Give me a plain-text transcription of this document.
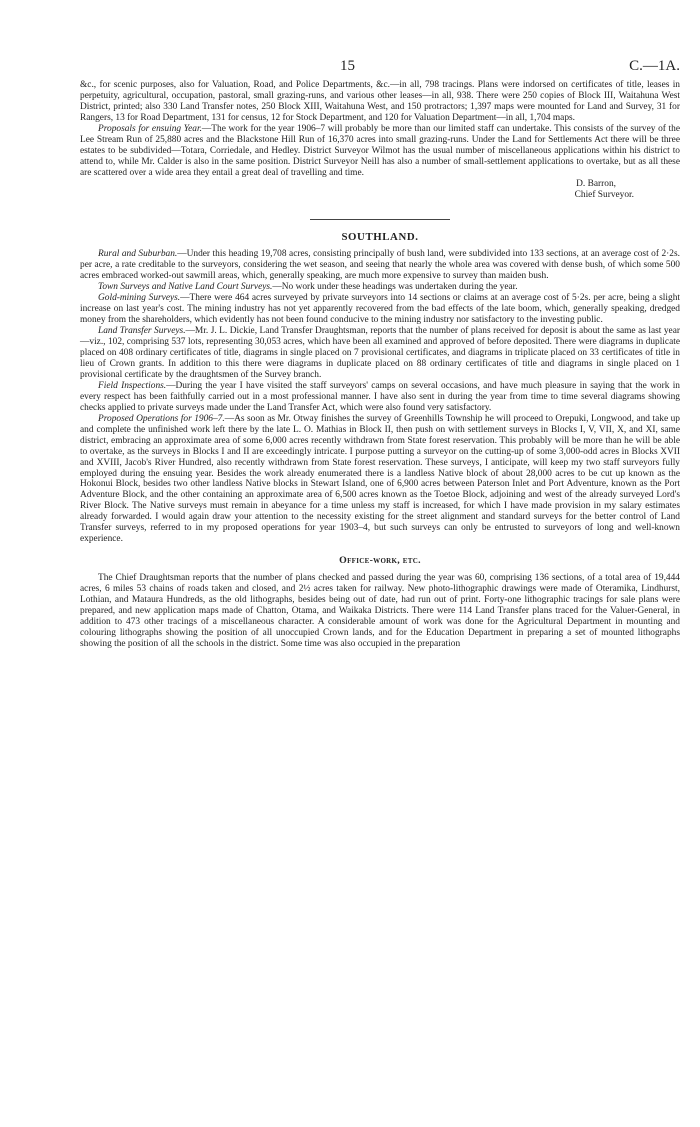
15	C.—1A.

&c., for scenic purposes, also for Valuation, Road, and Police Departments, &c.—in all, 798 tracings. Plans were indorsed on certificates of title, leases in perpetuity, agricultural, occupation, pastoral, small grazing-runs, and various other leases—in all, 938. There were 250 copies of Block III, Waitahuna West District, printed; also 330 Land Transfer notes, 250 Block XIII, Waitahuna West, and 150 protractors; 1,397 maps were mounted for Land and Survey, 31 for Rangers, 13 for Road Department, 131 for census, 12 for Stock Department, and 120 for Valuation Department—in all, 1,704 maps.

Proposals for ensuing Year.—The work for the year 1906–7 will probably be more than our limited staff can undertake. This consists of the survey of the Lee Stream Run of 25,880 acres and the Blackstone Hill Run of 16,370 acres into small grazing-runs. Under the Land for Settlements Act there will be three estates to be subdivided—Totara, Corriedale, and Hedley. District Surveyor Wilmot has the usual number of miscellaneous applications within his district to attend to, while Mr. Calder is also in the same position. District Surveyor Neill has also a number of small-settlement applications to overtake, but as all these are scattered over a wide area they entail a great deal of travelling and time.

D. Barron,

Chief Surveyor.

SOUTHLAND.

Rural and Suburban.—Under this heading 19,708 acres, consisting principally of bush land, were subdivided into 133 sections, at an average cost of 2·2s. per acre, a rate creditable to the surveyors, considering the wet season, and seeing that nearly the whole area was covered with dense bush, of which some 500 acres embraced worked-out sawmill areas, which, generally speaking, are much more expensive to survey than maiden bush.

Town Surveys and Native Land Court Surveys.—No work under these headings was undertaken during the year.

Gold-mining Surveys.—There were 464 acres surveyed by private surveyors into 14 sections or claims at an average cost of 5·2s. per acre, being a slight increase on last year's cost. The mining industry has not yet apparently recovered from the bad effects of the late boom, which, generally speaking, dredged money from the shareholders, which evidently has not been found conducive to the mining industry nor satisfactory to the investing public.

Land Transfer Surveys.—Mr. J. L. Dickie, Land Transfer Draughtsman, reports that the number of plans received for deposit is about the same as last year—viz., 102, comprising 537 lots, representing 30,053 acres, which have been all examined and approved of before deposited. There were diagrams in duplicate placed on 408 ordinary certificates of title, diagrams in single placed on 7 provisional certificates, and diagrams in triplicate placed on 33 certificates of title in lieu of Crown grants. In addition to this there were diagrams in duplicate placed on 88 ordinary certificates of title and diagrams in single placed on 1 provisional certificate by the draughtsmen of the Survey branch.

Field Inspections.—During the year I have visited the staff surveyors' camps on several occasions, and have much pleasure in saying that the work in every respect has been faithfully carried out in a most professional manner. I have also sent in during the year from time to time several diagrams showing checks applied to private surveys made under the Land Transfer Act, which were also found very satisfactory.

Proposed Operations for 1906–7.—As soon as Mr. Otway finishes the survey of Greenhills Township he will proceed to Orepuki, Longwood, and take up and complete the unfinished work left there by the late L. O. Mathias in Block II, then push on with settlement surveys in Blocks I, V, VII, X, and XI, same district, embracing an approximate area of some 6,000 acres recently withdrawn from State forest reservation. This probably will be more than he will be able to overtake, as the surveys in Blocks I and II are exceedingly intricate. I purpose putting a surveyor on the cutting-up of some 3,000-odd acres in Blocks XVII and XVIII, Jacob's River Hundred, also recently withdrawn from State forest reservation. These surveys, I anticipate, will keep my two staff surveyors fully employed during the ensuing year. Besides the work already enumerated there is a landless Native block of about 28,000 acres to be cut up known as the Hokonui Block, besides two other landless Native blocks in Stewart Island, one of 6,900 acres between Paterson Inlet and Port Adventure, known as the Port Adventure Block, and the other containing an approximate area of 6,500 acres known as the Toetoe Block, adjoining and west of the already surveyed Lord's River Block. The Native surveys must remain in abeyance for a time unless my staff is increased, for which I have made provision in my salary estimates already forwarded. I would again draw your attention to the necessity existing for the street alignment and standard surveys for the better control of Land Transfer surveys, referred to in my proposed operations for year 1903–4, but such surveys can only be entrusted to surveyors of long and well-known experience.

Office-work, etc.

The Chief Draughtsman reports that the number of plans checked and passed during the year was 60, comprising 136 sections, of a total area of 19,444 acres, 6 miles 53 chains of roads taken and closed, and 2½ acres taken for railway. New photo-lithographic drawings were made of Oteramika, Lindhurst, Lothian, and Mataura Hundreds, as the old lithographs, besides being out of date, had run out of print. Forty-one lithographic tracings for sale plans were prepared, and new application maps made of Chatton, Otama, and Waikaka Districts. There were 114 Land Transfer plans traced for the Valuer-General, in addition to 473 other tracings of a miscellaneous character. A considerable amount of work was done for the Agricultural Department in mounting and colouring lithographs showing the position of all unoccupied Crown lands, and for the Education Department in preparing a set of mounted lithographs showing the position of all the schools in the district. Some time was also occupied in the preparation
